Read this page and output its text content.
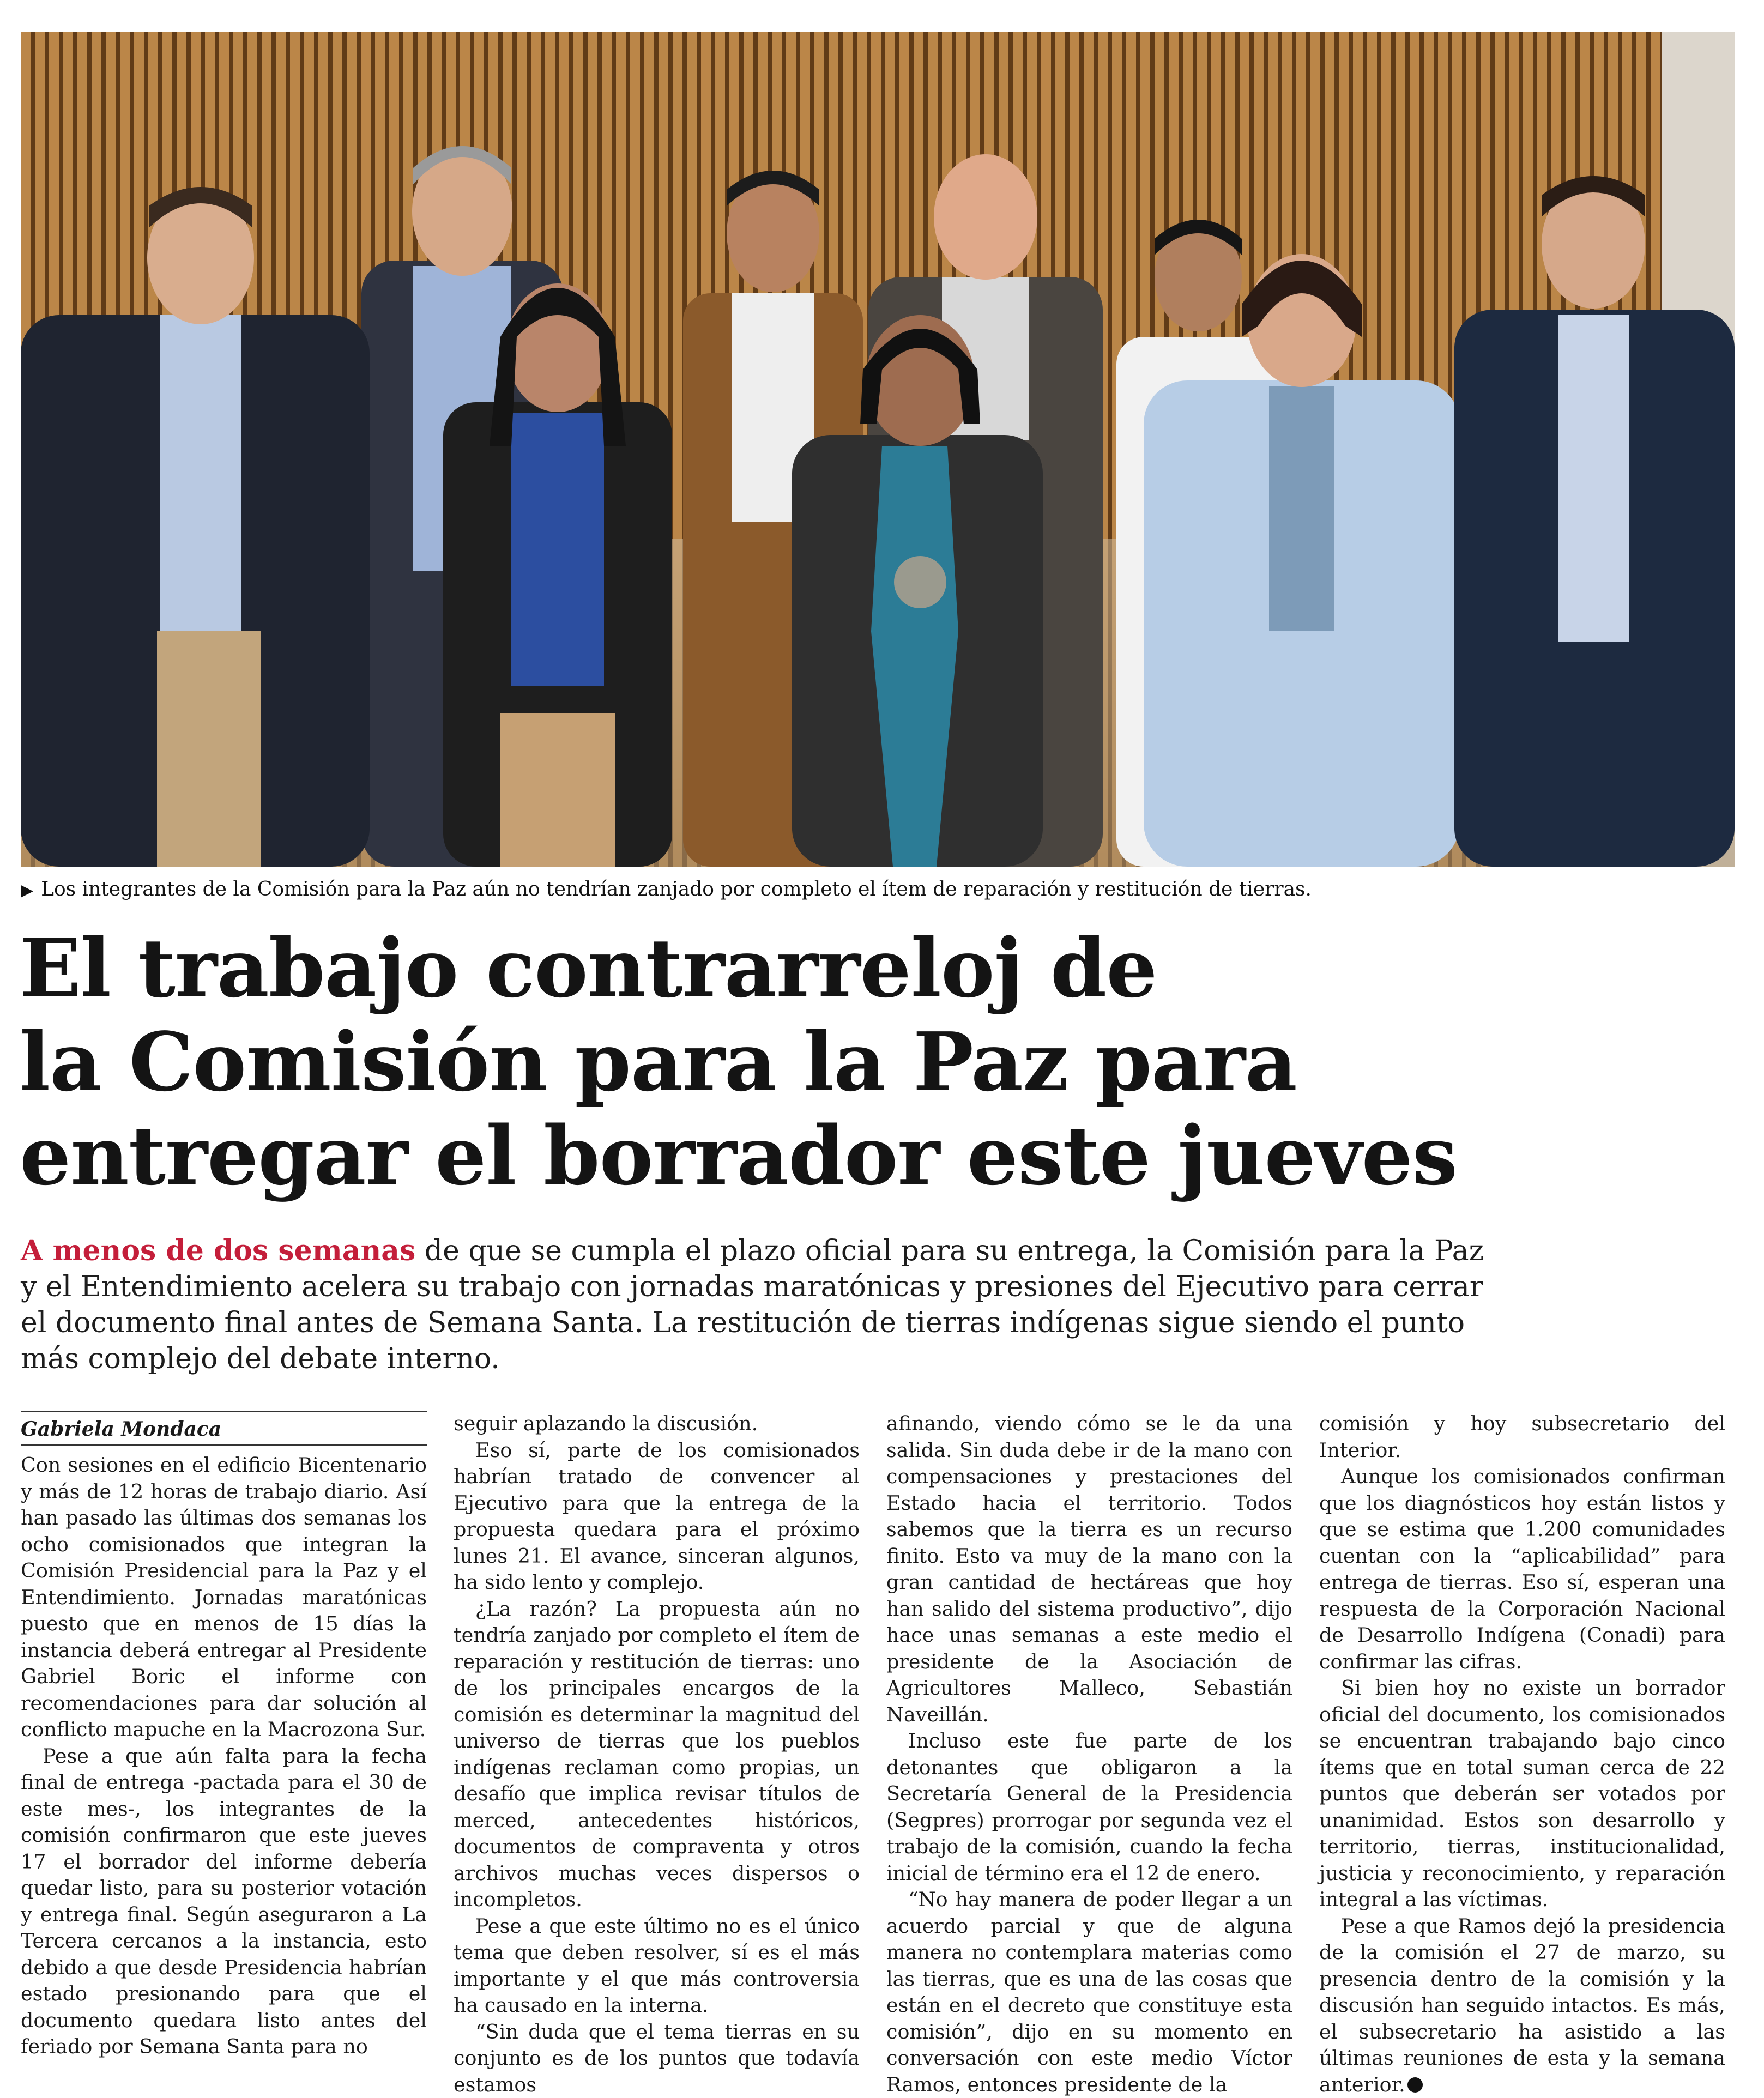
▶ Los integrantes de la Comisión para la Paz aún no tendrían zanjado por completo el ítem de reparación y restitución de tierras.
El trabajo contrarreloj de
la Comisión para la Paz para
entregar el borrador este jueves
A menos de dos semanas de que se cumpla el plazo oficial para su entrega, la Comisión para la Paz
y el Entendimiento acelera su trabajo con jornadas maratónicas y presiones del Ejecutivo para cerrar
el documento final antes de Semana Santa. La restitución de tierras indígenas sigue siendo el punto
más complejo del debate interno.
Gabriela Mondaca

Con sesiones en el edificio Bicentenario y más de 12 horas de trabajo diario. Así han pasado las últimas dos semanas los ocho comisionados que integran la Comisión Presidencial para la Paz y el Entendimiento. Jornadas maratónicas puesto que en menos de 15 días la instancia deberá entregar al Presidente Gabriel Boric el informe con recomendaciones para dar solución al conflicto mapuche en la Macrozona Sur.

Pese a que aún falta para la fecha final de entrega -pactada para el 30 de este mes-, los integrantes de la comisión confirmaron que este jueves 17 el borrador del informe debería quedar listo, para su posterior votación y entrega final. Según aseguraron a La Tercera cercanos a la instancia, esto debido a que desde Presidencia habrían estado presionando para que el documento quedara listo antes del feriado por Semana Santa para no

seguir aplazando la discusión.

Eso sí, parte de los comisionados habrían tratado de convencer al Ejecutivo para que la entrega de la propuesta quedara para el próximo lunes 21. El avance, sinceran algunos, ha sido lento y complejo.

¿La razón? La propuesta aún no tendría zanjado por completo el ítem de reparación y restitución de tierras: uno de los principales encargos de la comisión es determinar la magnitud del universo de tierras que los pueblos indígenas reclaman como propias, un desafío que implica revisar títulos de merced, antecedentes históricos, documentos de compraventa y otros archivos muchas veces dispersos o incompletos.

Pese a que este último no es el único tema que deben resolver, sí es el más importante y el que más controversia ha causado en la interna.

“Sin duda que el tema tierras en su conjunto es de los puntos que todavía estamos

afinando, viendo cómo se le da una salida. Sin duda debe ir de la mano con compensaciones y prestaciones del Estado hacia el territorio. Todos sabemos que la tierra es un recurso finito. Esto va muy de la mano con la gran cantidad de hectáreas que hoy han salido del sistema productivo”, dijo hace unas semanas a este medio el presidente de la Asociación de Agricultores Malleco, Sebastián Naveillán.

Incluso este fue parte de los detonantes que obligaron a la Secretaría General de la Presidencia (Segpres) prorrogar por segunda vez el trabajo de la comisión, cuando la fecha inicial de término era el 12 de enero.

“No hay manera de poder llegar a un acuerdo parcial y que de alguna manera no contemplara materias como las tierras, que es una de las cosas que están en el decreto que constituye esta comisión”, dijo en su momento en conversación con este medio Víctor Ramos, entonces presidente de la

comisión y hoy subsecretario del Interior.

Aunque los comisionados confirman que los diagnósticos hoy están listos y que se estima que 1.200 comunidades cuentan con la “aplicabilidad” para entrega de tierras. Eso sí, esperan una respuesta de la Corporación Nacional de Desarrollo Indígena (Conadi) para confirmar las cifras.

Si bien hoy no existe un borrador oficial del documento, los comisionados se encuentran trabajando bajo cinco ítems que en total suman cerca de 22 puntos que deberán ser votados por unanimidad. Estos son desarrollo y territorio, tierras, institucionalidad, justicia y reconocimiento, y reparación integral a las víctimas.

Pese a que Ramos dejó la presidencia de la comisión el 27 de marzo, su presencia dentro de la comisión y la discusión han seguido intactos. Es más, el subsecretario ha asistido a las últimas reuniones de esta y la semana anterior.
